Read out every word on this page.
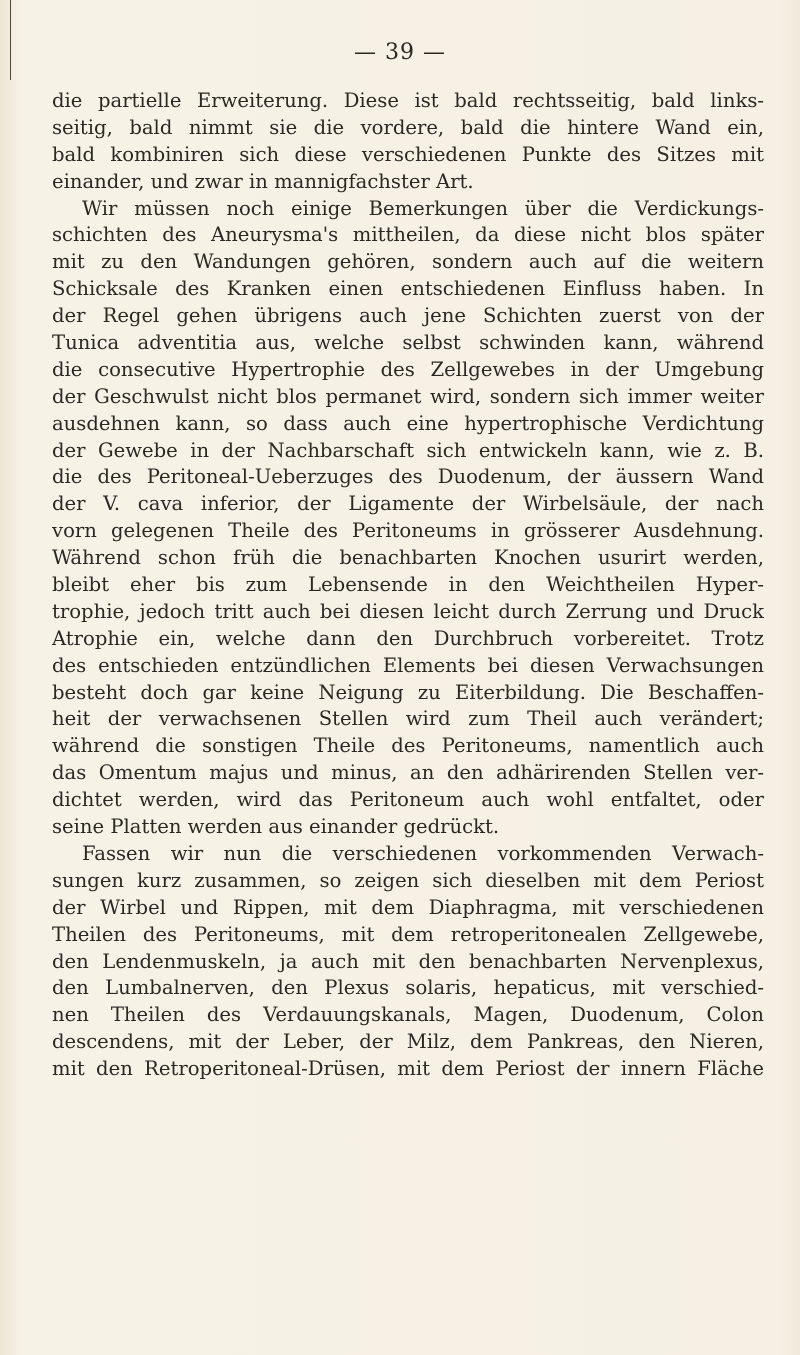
— 39 —
die partielle Erweiterung. Diese ist bald rechtsseitig, bald links-
seitig, bald nimmt sie die vordere, bald die hintere Wand ein,
bald kombiniren sich diese verschiedenen Punkte des Sitzes mit
einander, und zwar in mannigfachster Art.
Wir müssen noch einige Bemerkungen über die Verdickungs-
schichten des Aneurysma's mittheilen, da diese nicht blos später
mit zu den Wandungen gehören, sondern auch auf die weitern
Schicksale des Kranken einen entschiedenen Einfluss haben. In
der Regel gehen übrigens auch jene Schichten zuerst von der
Tunica adventitia aus, welche selbst schwinden kann, während
die consecutive Hypertrophie des Zellgewebes in der Umgebung
der Geschwulst nicht blos permanet wird, sondern sich immer weiter
ausdehnen kann, so dass auch eine hypertrophische Verdichtung
der Gewebe in der Nachbarschaft sich entwickeln kann, wie z. B.
die des Peritoneal-Ueberzuges des Duodenum, der äussern Wand
der V. cava inferior, der Ligamente der Wirbelsäule, der nach
vorn gelegenen Theile des Peritoneums in grösserer Ausdehnung.
Während schon früh die benachbarten Knochen usurirt werden,
bleibt eher bis zum Lebensende in den Weichtheilen Hyper-
trophie, jedoch tritt auch bei diesen leicht durch Zerrung und Druck
Atrophie ein, welche dann den Durchbruch vorbereitet. Trotz
des entschieden entzündlichen Elements bei diesen Verwachsungen
besteht doch gar keine Neigung zu Eiterbildung. Die Beschaffen-
heit der verwachsenen Stellen wird zum Theil auch verändert;
während die sonstigen Theile des Peritoneums, namentlich auch
das Omentum majus und minus, an den adhärirenden Stellen ver-
dichtet werden, wird das Peritoneum auch wohl entfaltet, oder
seine Platten werden aus einander gedrückt.
Fassen wir nun die verschiedenen vorkommenden Verwach-
sungen kurz zusammen, so zeigen sich dieselben mit dem Periost
der Wirbel und Rippen, mit dem Diaphragma, mit verschiedenen
Theilen des Peritoneums, mit dem retroperitonealen Zellgewebe,
den Lendenmuskeln, ja auch mit den benachbarten Nervenplexus,
den Lumbalnerven, den Plexus solaris, hepaticus, mit verschied-
nen Theilen des Verdauungskanals, Magen, Duodenum, Colon
descendens, mit der Leber, der Milz, dem Pankreas, den Nieren,
mit den Retroperitoneal-Drüsen, mit dem Periost der innern Fläche
